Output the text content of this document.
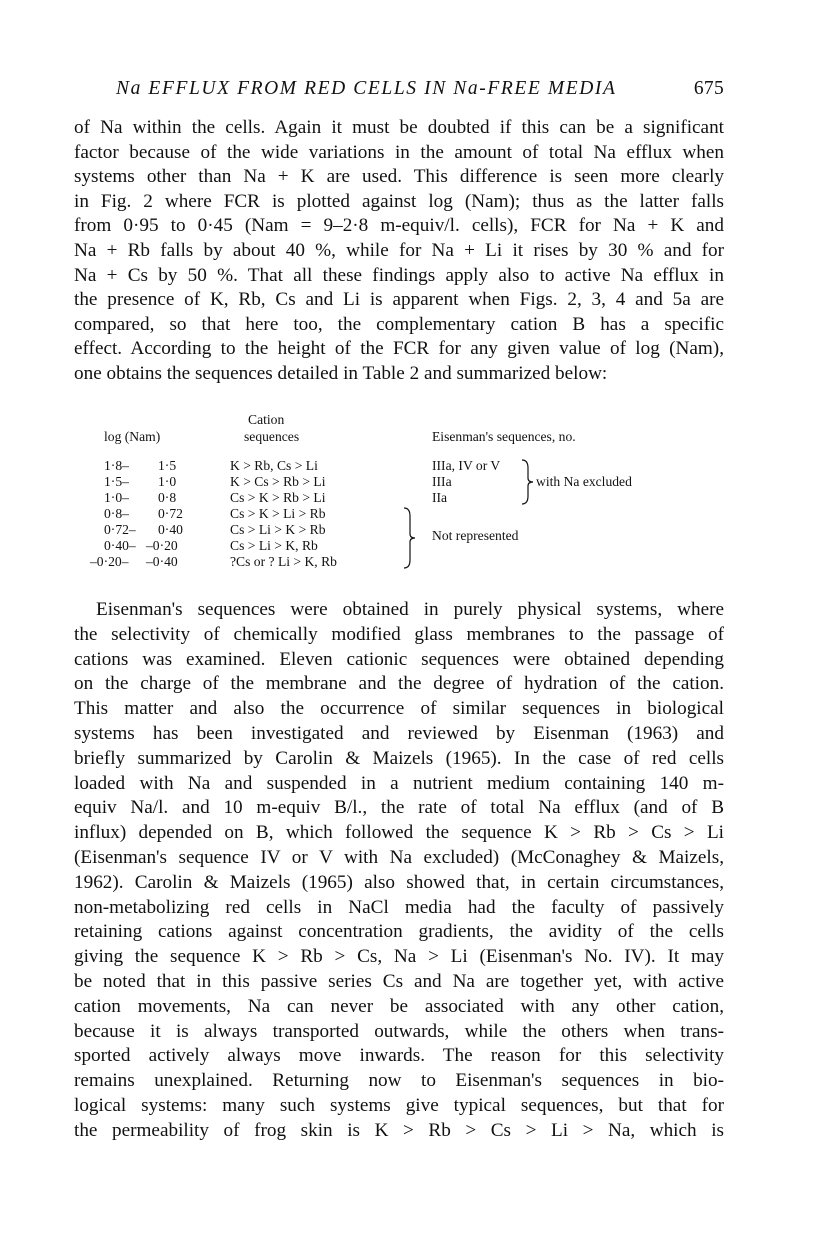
Na EFFLUX FROM RED CELLS IN Na-FREE MEDIA	675
of Na within the cells. Again it must be doubted if this can be a significant
factor because of the wide variations in the amount of total Na efflux when
systems other than Na + K are used. This difference is seen more clearly
in Fig. 2 where FCR is plotted against log (Nam); thus as the latter falls
from 0·95 to 0·45 (Nam = 9–2·8 m-equiv/l. cells), FCR for Na + K and
Na + Rb falls by about 40 %, while for Na + Li it rises by 30 % and for
Na + Cs by 50 %. That all these findings apply also to active Na efflux in
the presence of K, Rb, Cs and Li is apparent when Figs. 2, 3, 4 and 5a are
compared, so that here too, the complementary cation B has a specific
effect. According to the height of the FCR for any given value of log (Nam),
one obtains the sequences detailed in Table 2 and summarized below:
Cation
sequences
log (Nam)	Eisenman's sequences, no.
1·8– 1·5	K > Rb, Cs > Li	IIIa, IV or V
1·5– 1·0	K > Cs > Rb > Li	IIIa
1·0– 0·8	Cs > K > Rb > Li	IIa
0·8– 0·72	Cs > K > Li > Rb
0·72– 0·40	Cs > Li > K > Rb
0·40– –0·20	Cs > Li > K, Rb
–0·20– –0·40	?Cs or ? Li > K, Rb
with Na excluded
Not represented
Eisenman's sequences were obtained in purely physical systems, where
the selectivity of chemically modified glass membranes to the passage of
cations was examined. Eleven cationic sequences were obtained depending
on the charge of the membrane and the degree of hydration of the cation.
This matter and also the occurrence of similar sequences in biological
systems has been investigated and reviewed by Eisenman (1963) and
briefly summarized by Carolin & Maizels (1965). In the case of red cells
loaded with Na and suspended in a nutrient medium containing 140 m-
equiv Na/l. and 10 m-equiv B/l., the rate of total Na efflux (and of B
influx) depended on B, which followed the sequence K > Rb > Cs > Li
(Eisenman's sequence IV or V with Na excluded) (McConaghey & Maizels,
1962). Carolin & Maizels (1965) also showed that, in certain circumstances,
non-metabolizing red cells in NaCl media had the faculty of passively
retaining cations against concentration gradients, the avidity of the cells
giving the sequence K > Rb > Cs, Na > Li (Eisenman's No. IV). It may
be noted that in this passive series Cs and Na are together yet, with active
cation movements, Na can never be associated with any other cation,
because it is always transported outwards, while the others when trans-
sported actively always move inwards. The reason for this selectivity
remains unexplained. Returning now to Eisenman's sequences in bio-
logical systems: many such systems give typical sequences, but that for
the permeability of frog skin is K > Rb > Cs > Li > Na, which is
